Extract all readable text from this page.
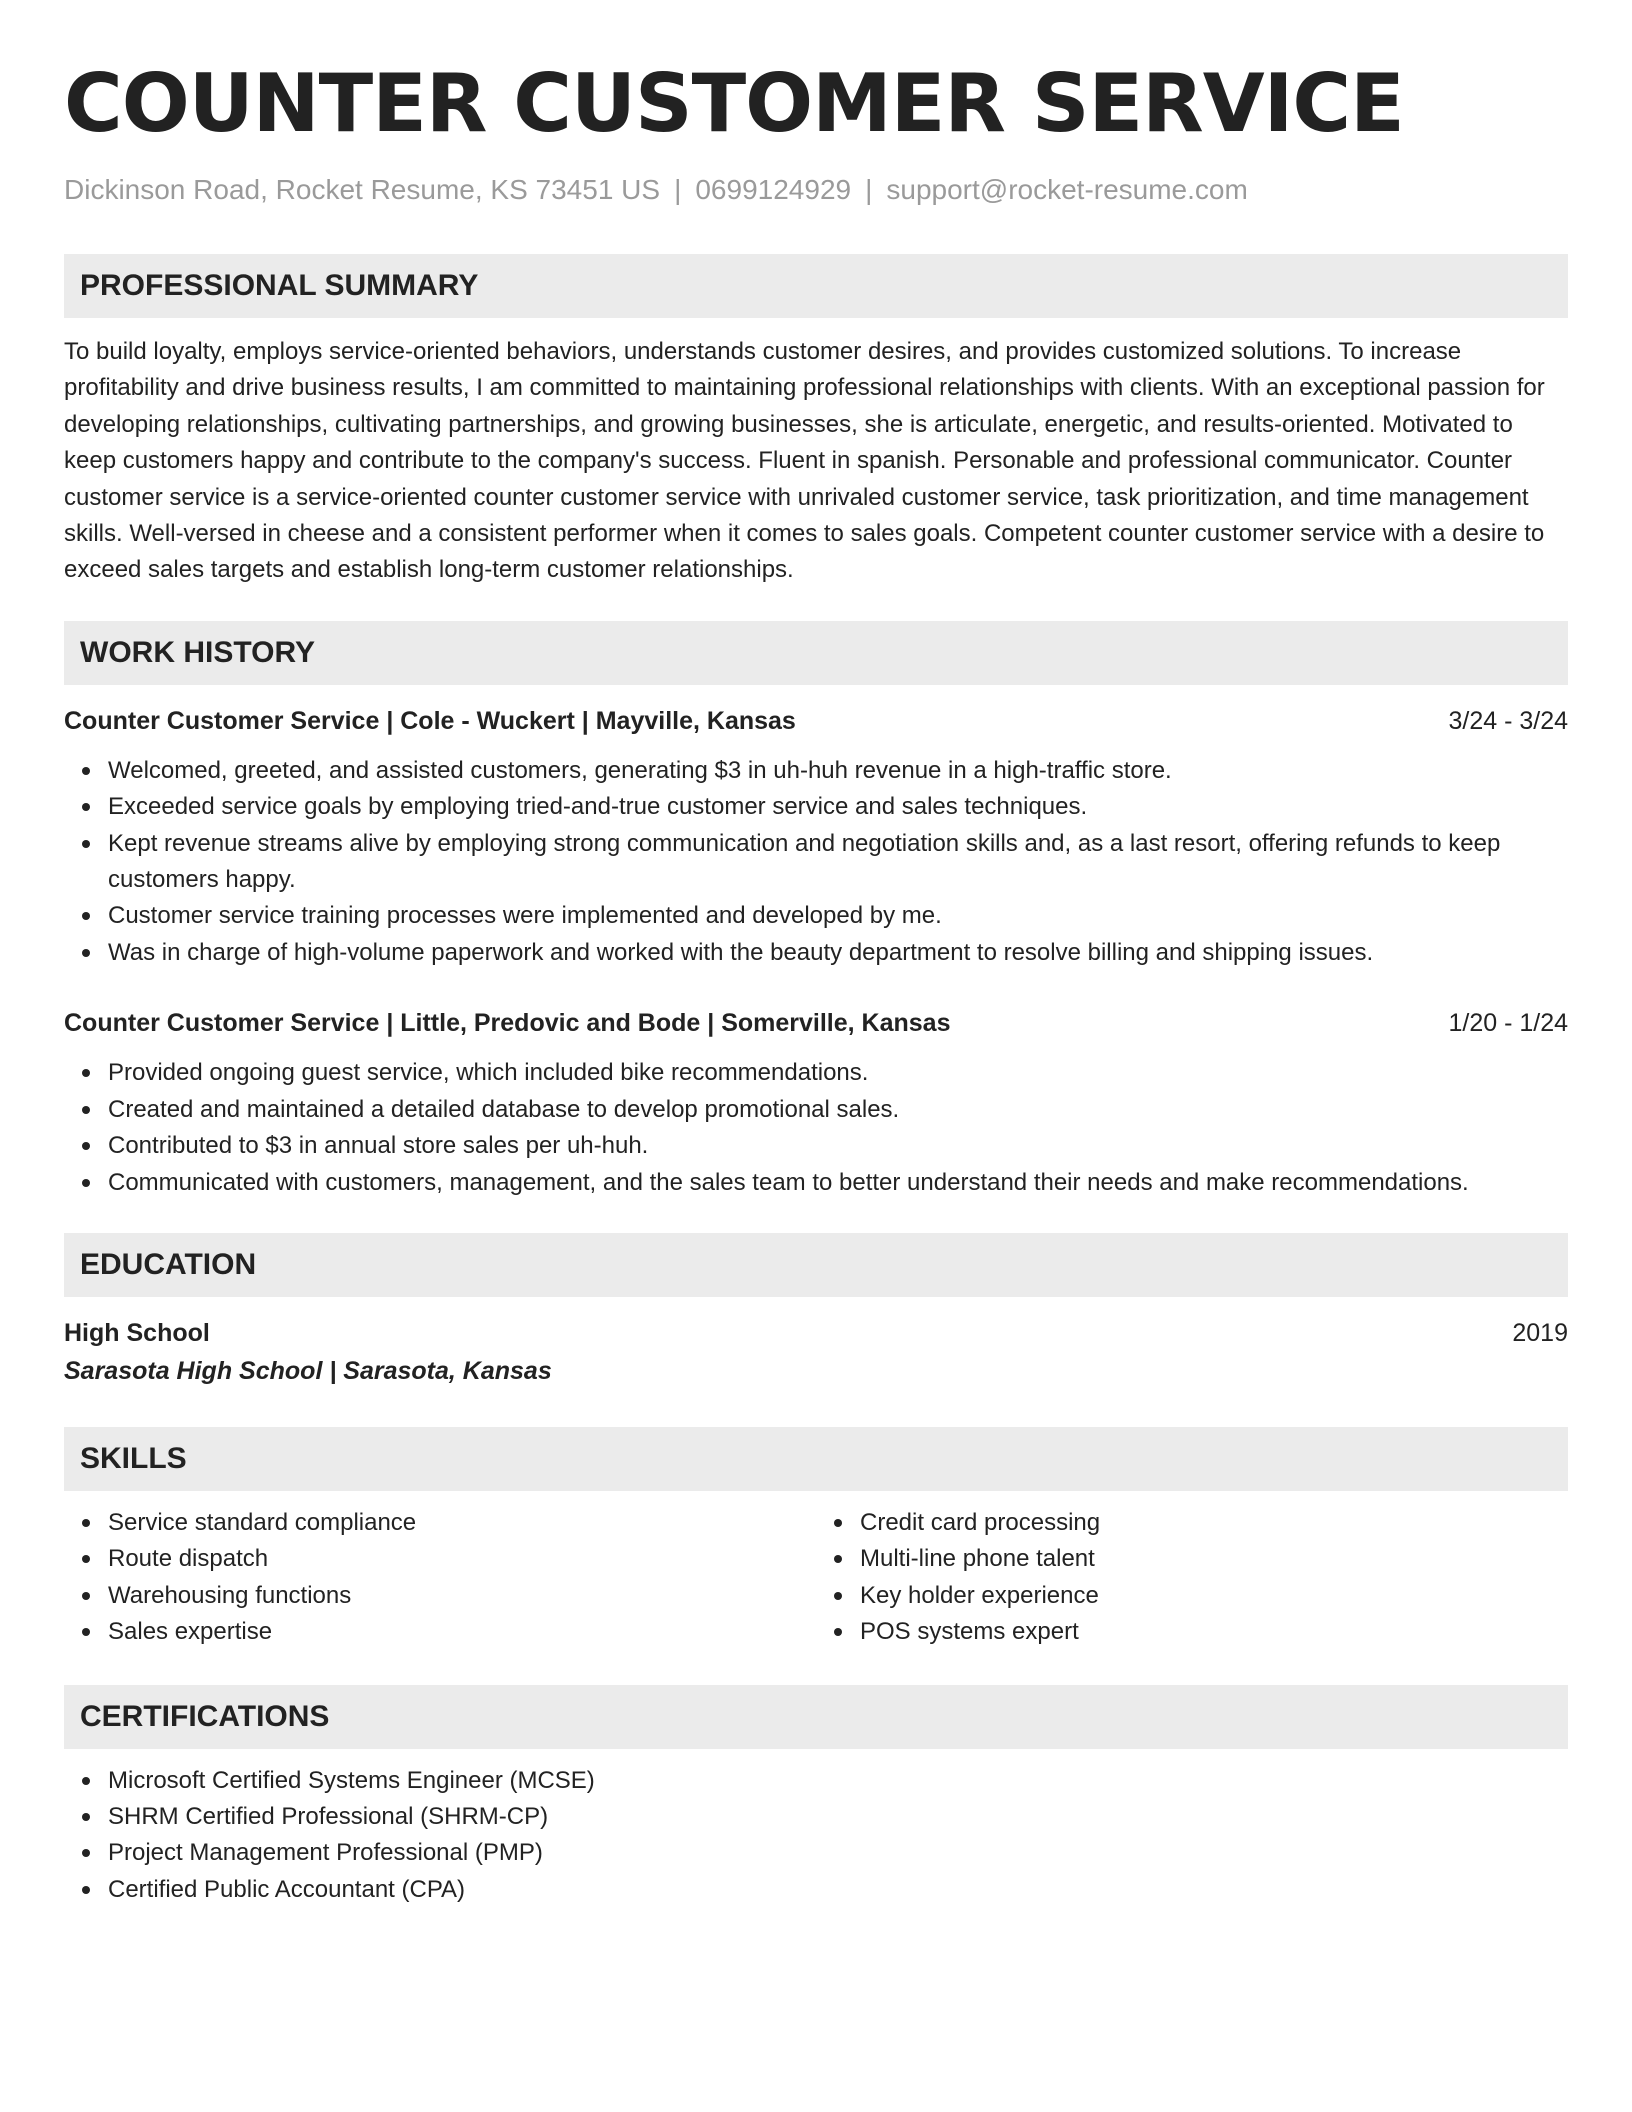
COUNTER CUSTOMER SERVICE
Dickinson Road, Rocket Resume, KS 73451 US | 0699124929 | support@rocket-resume.com
PROFESSIONAL SUMMARY

To build loyalty, employs service-oriented behaviors, understands customer desires, and provides customized solutions. To increase profitability and drive business results, I am committed to maintaining professional relationships with clients. With an exceptional passion for developing relationships, cultivating partnerships, and growing businesses, she is articulate, energetic, and results-oriented. Motivated to keep customers happy and contribute to the company's success. Fluent in spanish. Personable and professional communicator. Counter customer service is a service-oriented counter customer service with unrivaled customer service, task prioritization, and time management skills. Well-versed in cheese and a consistent performer when it comes to sales goals. Competent counter customer service with a desire to exceed sales targets and establish long-term customer relationships.

WORK HISTORY
Counter Customer Service | Cole - Wuckert | Mayville, Kansas	3/24 - 3/24
Welcomed, greeted, and assisted customers, generating $3 in uh-huh revenue in a high-traffic store.
Exceeded service goals by employing tried-and-true customer service and sales techniques.
Kept revenue streams alive by employing strong communication and negotiation skills and, as a last resort, offering refunds to keep customers happy.
Customer service training processes were implemented and developed by me.
Was in charge of high-volume paperwork and worked with the beauty department to resolve billing and shipping issues.
Counter Customer Service | Little, Predovic and Bode | Somerville, Kansas	1/20 - 1/24
Provided ongoing guest service, which included bike recommendations.
Created and maintained a detailed database to develop promotional sales.
Contributed to $3 in annual store sales per uh-huh.
Communicated with customers, management, and the sales team to better understand their needs and make recommendations.
EDUCATION
High School	2019
Sarasota High School | Sarasota, Kansas
SKILLS
Service standard compliance
Route dispatch
Warehousing functions
Sales expertise
Credit card processing
Multi-line phone talent
Key holder experience
POS systems expert
CERTIFICATIONS
Microsoft Certified Systems Engineer (MCSE)
SHRM Certified Professional (SHRM-CP)
Project Management Professional (PMP)
Certified Public Accountant (CPA)
